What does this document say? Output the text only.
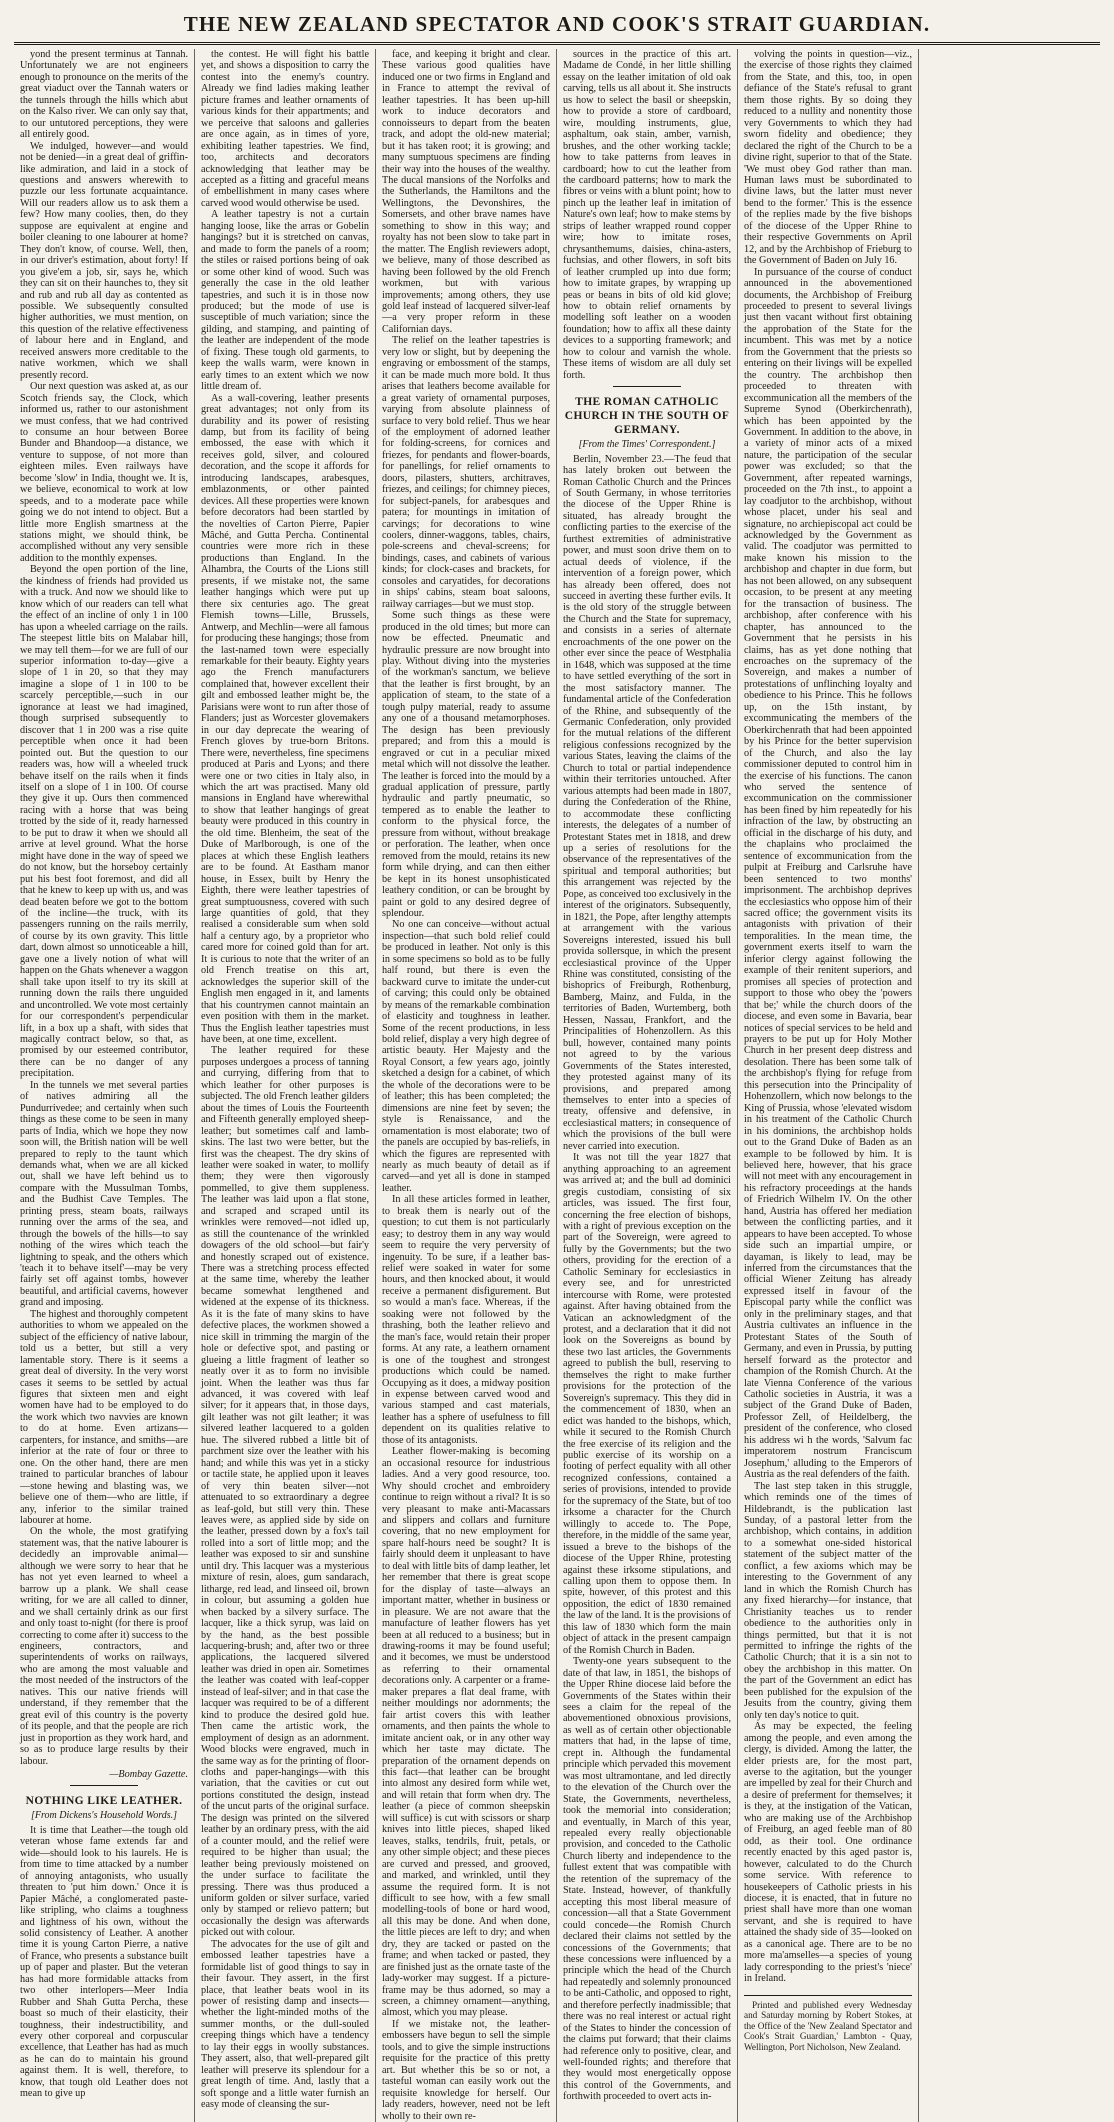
THE NEW ZEALAND SPECTATOR AND COOK'S STRAIT GUARDIAN.

yond the present terminus at Tannah. Unfortunately we are not engineers enough to pronounce on the merits of the great viaduct over the Tannah waters or the tunnels through the hills which abut on the Kalso river. We can only say that, to our untutored perceptions, they were all entirely good.

We indulged, however—and would not be denied—in a great deal of griffin-like admiration, and laid in a stock of questions and answers wherewith to puzzle our less fortunate acquaintance. Will our readers allow us to ask them a few? How many coolies, then, do they suppose are equivalent at engine and boiler cleaning to one labourer at home? They don't know, of course. Well, then, in our driver's estimation, about forty! If you give'em a job, sir, says he, which they can sit on their haunches to, they sit and rub and rub all day as contented as possible. We subsequently consulted higher authorities, we must mention, on this question of the relative effectiveness of labour here and in England, and received answers more creditable to the native workmen, which we shall presently record.

Our next question was asked at, as our Scotch friends say, the Clock, which informed us, rather to our astonishment we must confess, that we had contrived to consume an hour between Boree Bunder and Bhandoop—a distance, we venture to suppose, of not more than eighteen miles. Even railways have become 'slow' in India, thought we. It is, we believe, economical to work at low speeds, and to a moderate pace while going we do not intend to object. But a little more English smartness at the stations might, we should think, be accomplished without any very sensible addition to the monthly expenses.

Beyond the open portion of the line, the kindness of friends had provided us with a truck. And now we should like to know which of our readers can tell what the effect of an incline of only 1 in 100 has upon a wheeled carriage on the rails. The steepest little bits on Malabar hill, we may tell them—for we are full of our superior information to-day—give a slope of 1 in 20, so that they may imagine a slope of 1 in 100 to be scarcely perceptible,—such in our ignorance at least we had imagined, though surprised subsequently to discover that 1 in 200 was a rise quite perceptible when once it had been pointed out. But the question to our readers was, how will a wheeled truck behave itself on the rails when it finds itself on a slope of 1 in 100. Of course they give it up. Ours then commenced racing with a horse that was being trotted by the side of it, ready harnessed to be put to draw it when we should all arrive at level ground. What the horse might have done in the way of speed we do not know, but the horseboy certainly put his best foot foremost, and did all that he knew to keep up with us, and was dead beaten before we got to the bottom of the incline—the truck, with its passengers running on the rails merrily, of course by its own gravity. This little dart, down almost so unnoticeable a hill, gave one a lively notion of what will happen on the Ghats whenever a waggon shall take upon itself to try its skill at running down the rails there unguided and uncontrolled. We vote most certainly for our correspondent's perpendicular lift, in a box up a shaft, with sides that magically contract below, so that, as promised by our esteemed contributor, there can be no danger of any precipitation.

In the tunnels we met several parties of natives admiring all the Pundurrivedee; and certainly when such things as these come to be seen in many parts of India, which we hope they now soon will, the British nation will be well prepared to reply to the taunt which demands what, when we are all kicked out, shall we have left behind us to compare with the Mussulman Tombs, and the Budhist Cave Temples. The printing press, steam boats, railways running over the arms of the sea, and through the bowels of the hills—to say nothing of the wires which teach the lightning to speak, and the others which 'teach it to behave itself'—may be very fairly set off against tombs, however beautiful, and artificial caverns, however grand and imposing.

The highest and thoroughly competent authorities to whom we appealed on the subject of the efficiency of native labour, told us a better, but still a very lamentable story. There is it seems a great deal of diversity. In the very worst cases it seems to be settled by actual figures that sixteen men and eight women have had to be employed to do the work which two navvies are known to do at home. Even artizans—carpenters, for instance, and smiths—are inferior at the rate of four or three to one. On the other hand, there are men trained to particular branches of labour—stone hewing and blasting was, we believe one of them—who are little, if any, inferior to the similar trained labourer at home.

On the whole, the most gratifying statement was, that the native labourer is decidedly an improvable animal—although we were sorry to hear that he has not yet even learned to wheel a barrow up a plank. We shall cease writing, for we are all called to dinner, and we shall certainly drink as our first and only toast to-night (for there is proof correcting to come after it) success to the engineers, contractors, and superintendents of works on railways, who are among the most valuable and the most needed of the instructors of the natives. This our native friends will understand, if they remember that the great evil of this country is the poverty of its people, and that the people are rich just in proportion as they work hard, and so as to produce large results by their labour.

—Bombay Gazette.
NOTHING LIKE LEATHER.
[From Dickens's Household Words.]

It is time that Leather—the tough old veteran whose fame extends far and wide—should look to his laurels. He is from time to time attacked by a number of annoying antagonists, who usually threaten to 'put him down.' Once it is Papier Mâché, a conglomerated paste-like stripling, who claims a toughness and lightness of his own, without the solid consistency of Leather. A another time it is young Carton Pierre, a native of France, who presents a substance built up of paper and plaster. But the veteran has had more formidable attacks from two other interlopers—Meer India Rubber and Shah Gutta Percha, these boast so much of their elasticity, their toughness, their indestructibility, and every other corporeal and corpuscular excellence, that Leather has had as much as he can do to maintain his ground against them. It is well, therefore, to know, that tough old Leather does not mean to give up

the contest. He will fight his battle yet, and shows a disposition to carry the contest into the enemy's country. Already we find ladies making leather picture frames and leather ornaments of various kinds for their appartments; and we perceive that saloons and galleries are once again, as in times of yore, exhibiting leather tapestries. We find, too, architects and decorators acknowledging that leather may be accepted as a fitting and graceful means of embellishment in many cases where carved wood would otherwise be used.

A leather tapestry is not a curtain hanging loose, like the arras or Gobelin hangings? but it is stretched on canvas, and made to form the panels of a room; the stiles or raised portions being of oak or some other kind of wood. Such was generally the case in the old leather tapestries, and such it is in those now produced; but the mode of use is susceptible of much variation; since the gilding, and stamping, and painting of the leather are independent of the mode of fixing. These tough old garments, to keep the walls warm, were known in early times to an extent which we now little dream of.

As a wall-covering, leather presents great advantages; not only from its durability and its power of resisting damp, but from its facility of being embossed, the ease with which it receives gold, silver, and coloured decoration, and the scope it affords for introducing landscapes, arabesques, emblazonments, or other painted devices. All these properties were known before decorators had been startled by the novelties of Carton Pierre, Papier Mâché, and Gutta Percha. Continental countries were more rich in these productions than England. In the Alhambra, the Courts of the Lions still presents, if we mistake not, the same leather hangings which were put up there six centuries ago. The great Flemish towns—Lille, Brussels, Antwerp, and Mechlin—were all famous for producing these hangings; those from the last-named town were especially remarkable for their beauty. Eighty years ago the French manufacturers complained that, however excellent their gilt and embossed leather might be, the Parisians were wont to run after those of Flanders; just as Worcester glovemakers in our day deprecate the wearing of French gloves by true-born Britons. There were, nevertheless, fine specimens produced at Paris and Lyons; and there were one or two cities in Italy also, in which the art was practised. Many old mansions in England have wherewithal to show that leather hangings of great beauty were produced in this country in the old time. Blenheim, the seat of the Duke of Marlborough, is one of the places at which these English leathers are to be found. At Eastham manor house, in Essex, built by Henry the Eighth, there were leather tapestries of great sumptuousness, covered with such large quantities of gold, that they realised a considerable sum when sold half a century ago, by a proprietor who cared more for coined gold than for art. It is curious to note that the writer of an old French treatise on this art, acknowledges the superior skill of the English men engaged in it, and laments that his countrymen cannot maintain an even position with them in the market. Thus the English leather tapestries must have been, at one time, excellent.

The leather required for these purposes undergoes a process of tanning and currying, differing from that to which leather for other purposes is subjected. The old French leather gilders about the times of Louis the Fourteenth and Fifteenth generally employed sheep-leather; but sometimes calf and lamb-skins. The last two were better, but the first was the cheapest. The dry skins of leather were soaked in water, to mollify them; they were then vigorously pommelled, to give them suppleness. The leather was laid upon a flat stone, and scraped and scraped until its wrinkles were removed—not idled up, as still the countenance of the wrinkled dowagers of the old school—but fair'y and honestly scraped out of existence. There was a stretching process effected at the same time, whereby the leather became somewhat lengthened and widened at the expense of its thickness. As it is the fate of many skins to have defective places, the workmen showed a nice skill in trimming the margin of the hole or defective spot, and pasting or glueing a little fragment of leather so neatly over it as to form no invisible joint. When the leather was thus far advanced, it was covered with leaf silver; for it appears that, in those days, gilt leather was not gilt leather; it was silvered leather lacquered to a golden hue. The silvered rubbed a little bit of parchment size over the leather with his hand; and while this was yet in a sticky or tactile state, he applied upon it leaves of very thin beaten silver—not attenuated to so extraordinary a degree as leaf-gold, but still very thin. These leaves were, as applied side by side on the leather, pressed down by a fox's tail rolled into a sort of little mop; and the leather was exposed to sir and sunshine until dry. This lacquer was a mysterious mixture of resin, aloes, gum sandarach, litharge, red lead, and linseed oil, brown in colour, but assuming a golden hue when backed by a silvery surface. The lacquer, like a thick syrup, was laid on by the hand, as the best possible lacquering-brush; and, after two or three applications, the lacquered silvered leather was dried in open air. Sometimes the leather was coated with leaf-copper instead of leaf-silver; and in that case the lacquer was required to be of a different kind to produce the desired gold hue. Then came the artistic work, the employment of design as an adornment. Wood blocks were engraved, much in the same way as for the printing of floor-cloths and paper-hangings—with this variation, that the cavities or cut out portions constituted the design, instead of the uncut parts of the original surface. The design was printed on the silvered leather by an ordinary press, with the aid of a counter mould, and the relief were required to be higher than usual; the leather being previously moistened on the under surface to facilitate the pressing. There was thus produced a uniform golden or silver surface, varied only by stamped or relievo pattern; but occasionally the design was afterwards picked out with colour.

The advocates for the use of gilt and embossed leather tapestries have a formidable list of good things to say in their favour. They assert, in the first place, that leather beats wool in its power of resisting damp and insects—whether the light-minded moths of the summer months, or the dull-souled creeping things which have a tendency to lay their eggs in woolly substances. They assert, also, that well-prepared gilt leather will preserve its splendour for a great length of time. And, lastly that a soft sponge and a little water furnish an easy mode of cleansing the sur-

face, and keeping it bright and clear. These various good qualities have induced one or two firms in England and in France to attempt the revival of leather tapestries. It has been up-hill work to induce decorators and connoisseurs to depart from the beaten track, and adopt the old-new material; but it has taken root; it is growing; and many sumptuous specimens are finding their way into the houses of the wealthy. The ducal mansions of the Norfolks and the Sutherlands, the Hamiltons and the Wellingtons, the Devonshires, the Somersets, and other brave names have something to show in this way; and royalty has not been slow to take part in the matter. The English reviewers adopt, we believe, many of those described as having been followed by the old French workmen, but with various improvements; among others, they use gold leaf instead of lacquered silver-leaf—a very proper reform in these Californian days.

The relief on the leather tapestries is very low or slight, but by deepening the engraving or embossment of the stamps, it can be made much more bold. It thus arises that leathers become available for a great variety of ornamental purposes, varying from absolute plainness of surface to very bold relief. Thus we hear of the employment of adorned leather for folding-screens, for cornices and friezes, for pendants and flower-boards, for panellings, for relief ornaments to doors, pilasters, shutters, architraves, friezes, and ceilings; for chimney pieces, for subject-panels, for arabesques and patera; for mountings in imitation of carvings; for decorations to wine coolers, dinner-waggons, tables, chairs, pole-screens and cheval-screens; for bindings, cases, and cabinets of various kinds; for clock-cases and brackets, for consoles and caryatides, for decorations in ships' cabins, steam boat saloons, railway carriages—but we must stop.

Some such things as these were produced in the old times; but more can now be effected. Pneumatic and hydraulic pressure are now brought into play. Without diving into the mysteries of the workman's sanctum, we believe that the leather is first brought, by an application of steam, to the state of a tough pulpy material, ready to assume any one of a thousand metamorphoses. The design has been previously prepared; and from this a mould is engraved or cut in a peculiar mixed metal which will not dissolve the leather. The leather is forced into the mould by a gradual application of pressure, partly hydraulic and partly pneumatic, so tempered as to enable the leather to conform to the physical force, the pressure from without, without breakage or perforation. The leather, when once removed from the mould, retains its new form while drying, and can then either be kept in its honest unsophisticated leathery condition, or can be brought by paint or gold to any desired degree of splendour.

No one can conceive—without actual inspection—that such bold relief could be produced in leather. Not only is this in some specimens so bold as to be fully half round, but there is even the backward curve to imitate the under-cut of carving; this could only be obtained by means of the remarkable combination of elasticity and toughness in leather. Some of the recent productions, in less bold relief, display a very high degree of artistic beauty. Her Majesty and the Royal Consort, a few years ago, jointly sketched a design for a cabinet, of which the whole of the decorations were to be of leather; this has been completed; the dimensions are nine feet by seven; the style is Renaissance, and the ornamentation is most elaborate; two of the panels are occupied by bas-reliefs, in which the figures are represented with nearly as much beauty of detail as if carved—and yet all is done in stamped leather.

In all these articles formed in leather, to break them is nearly out of the question; to cut them is not particularly easy; to destroy them in any way would seem to require the very perversity of ingenuity. To be sure, if a leather bas-relief were soaked in water for some hours, and then knocked about, it would receive a permanent disfigurement. But so would a man's face. Whereas, if the soaking were not followed by the thrashing, both the leather relievo and the man's face, would retain their proper forms. At any rate, a leathern ornament is one of the toughest and strongest productions which could be named. Occupying as it does, a midway position in expense between carved wood and various stamped and cast materials, leather has a sphere of usefulness to fill dependent on its qualities relative to those of its antagonists.

Leather flower-making is becoming an occasional resource for industrious ladies. And a very good resource, too. Why should crochet and embroidery continue to reign without a rival? It is so very pleasant to make anti-Macassars and slippers and collars and furniture covering, that no new employment for spare half-hours need be sought? It is fairly should deem it unpleasant to have to deal with little bits of damp leather, let her remember that there is great scope for the display of taste—always an important matter, whether in business or in pleasure. We are not aware that the manufacture of leather flowers has yet been at all reduced to a business; but in drawing-rooms it may be found useful; and it becomes, we must be understood as referring to their ornamental decorations only. A carpenter or a frame-maker prepares a flat deal frame, with neither mouldings nor adornments; the fair artist covers this with leather ornaments, and then paints the whole to imitate ancient oak, or in any other way which her taste may dictate. The preparation of the ornament depends on this fact—that leather can be brought into almost any desired form while wet, and will retain that form when dry. The leather (a piece of common sheepskin will suffice) is cut with scissors or sharp knives into little pieces, shaped liked leaves, stalks, tendrils, fruit, petals, or any other simple object; and these pieces are curved and pressed, and grooved, and marked, and wrinkled, until they assume the required form. It is not difficult to see how, with a few small modelling-tools of bone or hard wood, all this may be done. And when done, the little pieces are left to dry; and when dry, they are tacked or pasted on the frame; and when tacked or pasted, they are finished just as the ornate taste of the lady-worker may suggest. If a picture-frame may be thus adorned, so may a screen, a chimney ornament—anything, almost, which you may please.

If we mistake not, the leather-embossers have begun to sell the simple tools, and to give the simple instructions requisite for the practice of this pretty art. But whether this be so or not, a tasteful woman can easily work out the requisite knowledge for herself. Our lady readers, however, need not be left wholly to their own re-

sources in the practice of this art. Madame de Condé, in her little shilling essay on the leather imitation of old oak carving, tells us all about it. She instructs us how to select the basil or sheepskin, how to provide a store of cardboard, wire, moulding instruments, glue, asphaltum, oak stain, amber, varnish, brushes, and the other working tackle; how to take patterns from leaves in cardboard; how to cut the leather from the cardboard patterns; how to mark the fibres or veins with a blunt point; how to pinch up the leather leaf in imitation of Nature's own leaf; how to make stems by strips of leather wrapped round copper wire; how to imitate roses, chrysanthemums, daisies, china-asters, fuchsias, and other flowers, in soft bits of leather crumpled up into due form; how to imitate grapes, by wrapping up peas or beans in bits of old kid glove; how to obtain relief ornaments by modelling soft leather on a wooden foundation; how to affix all these dainty devices to a supporting framework; and how to colour and varnish the whole. These items of wisdom are all duly set forth.

THE ROMAN CATHOLIC CHURCH IN THE SOUTH OF GERMANY.
[From the Times' Correspondent.]

Berlin, November 23.—The feud that has lately broken out between the Roman Catholic Church and the Princes of South Germany, in whose territories the diocese of the Upper Rhine is situated, has already brought the conflicting parties to the exercise of the furthest extremities of administrative power, and must soon drive them on to actual deeds of violence, if the intervention of a foreign power, which has already been offered, does not succeed in averting these further evils. It is the old story of the struggle between the Church and the State for supremacy, and consists in a series of alternate encroachments of the one power on the other ever since the peace of Westphalia in 1648, which was supposed at the time to have settled everything of the sort in the most satisfactory manner. The fundamental article of the Confederation of the Rhine, and subsequently of the Germanic Confederation, only provided for the mutual relations of the different religious confessions recognized by the various States, leaving the claims of the Church to total or partial independence within their territories untouched. After various attempts had been made in 1807, during the Confederation of the Rhine, to accommodate these conflicting interests, the delegates of a number of Protestant States met in 1818, and drew up a series of resolutions for the observance of the representatives of the spiritual and temporal authorities; but this arrangement was rejected by the Pope, as conceived too exclusively in the interest of the originators. Subsequently, in 1821, the Pope, after lengthy attempts at arrangement with the various Sovereigns interested, issued his bull provida sollersque, in which the present ecclesiastical province of the Upper Rhine was constituted, consisting of the bishoprics of Freiburgh, Rothenburg, Bamberg, Mainz, and Fulda, in the territories of Baden, Wurtemberg, both Hessen, Nassau, Frankfort, and the Principalities of Hohenzollern. As this bull, however, contained many points not agreed to by the various Governments of the States interested, they protested against many of its provisions, and prepared among themselves to enter into a species of treaty, offensive and defensive, in ecclesiastical matters; in consequence of which the provisions of the bull were never carried into execution.

It was not till the year 1827 that anything approaching to an agreement was arrived at; and the bull ad dominici gregis custodiam, consisting of six articles, was issued. The first four, concerning the free election of bishops, with a right of previous exception on the part of the Sovereign, were agreed to fully by the Governments; but the two others, providing for the erection of a Catholic Seminary for ecclesiastics in every see, and for unrestricted intercourse with Rome, were protested against. After having obtained from the Vatican an acknowledgment of the protest, and a declaration that it did not look on the Sovereigns as bound by these two last articles, the Governments agreed to publish the bull, reserving to themselves the right to make further provisions for the protection of the Sovereign's supremacy. This they did in the commencement of 1830, when an edict was handed to the bishops, which, while it secured to the Romish Church the free exercise of its religion and the public exercise of its worship on a footing of perfect equality with all other recognized confessions, contained a series of provisions, intended to provide for the supremacy of the State, but of too irksome a character for the Church willingly to accede to. The Pope, therefore, in the middle of the same year, issued a breve to the bishops of the diocese of the Upper Rhine, protesting against these irksome stipulations, and calling upon them to oppose them. In spite, however, of this protest and this opposition, the edict of 1830 remained the law of the land. It is the provisions of this law of 1830 which form the main object of attack in the present campaign of the Romish Church in Baden.

Twenty-one years subsequent to the date of that law, in 1851, the bishops of the Upper Rhine diocese laid before the Governments of the States within their sees a claim for the repeal of the abovementioned obnoxious provisions, as well as of certain other objectionable matters that had, in the lapse of time, crept in. Although the fundamental principle which pervaded this movement was most ultramontane, and led directly to the elevation of the Church over the State, the Governments, nevertheless, took the memorial into consideration; and eventually, in March of this year, repealed every really objectionable provision, and conceded to the Catholic Church liberty and independence to the fullest extent that was compatible with the retention of the supremacy of the State. Instead, however, of thankfully accepting this most liberal measure of concession—all that a State Government could concede—the Romish Church declared their claims not settled by the concessions of the Governments; that these concessions were influenced by a principle which the head of the Church had repeatedly and solemnly pronounced to be anti-Catholic, and opposed to right, and therefore perfectly inadmissible; that there was no real interest or actual right of the States to hinder the concession of the claims put forward; that their claims had reference only to positive, clear, and well-founded rights; and therefore that they would most energetically oppose this control of the Governments, and forthwith proceeded to overt acts in-

volving the points in question—viz., the exercise of those rights they claimed from the State, and this, too, in open defiance of the State's refusal to grant them those rights. By so doing they reduced to a nullity and nonentity those very Governments to which they had sworn fidelity and obedience; they declared the right of the Church to be a divine right, superior to that of the State. 'We must obey God rather than man. Human laws must be subordinated to divine laws, but the latter must never bend to the former.' This is the essence of the replies made by the five bishops of the diocese of the Upper Rhine to their respective Governments on April 12, and by the Archbishop of Frieburg to the Government of Baden on July 16.

In pursuance of the course of conduct announced in the abovementioned documents, the Archbishop of Freiburg proceeded to present to several livings just then vacant without first obtaining the approbation of the State for the incumbent. This was met by a notice from the Government that the priests so entering on their livings will be expelled the country. The archbishop then proceeded to threaten with excommunication all the members of the Supreme Synod (Oberkirchenrath), which has been appointed by the Government. In addition to the above, in a variety of minor acts of a mixed nature, the participation of the secular power was excluded; so that the Government, after repeated warnings, proceeded on the 7th inst., to appoint a lay coadjutor to the archbishop, without whose placet, under his seal and signature, no archiepiscopal act could be acknowledged by the Government as valid. The coadjutor was permitted to make known his mission to the archbishop and chapter in due form, but has not been allowed, on any subsequent occasion, to be present at any meeting for the transaction of business. The archbishop, after conference with his chapter, has announced to the Government that he persists in his claims, has as yet done nothing that encroaches on the supremacy of the Sovereign, and makes a number of protestations of unflinching loyalty and obedience to his Prince. This he follows up, on the 15th instant, by excommunicating the members of the Oberkirchenrath that had been appointed by his Prince for the better supervision of the Church, and also the lay commissioner deputed to control him in the exercise of his functions. The canon who served the sentence of excommunication on the commissioner has been fined by him repeatedly for his infraction of the law, by obstructing an official in the discharge of his duty, and the chaplains who proclaimed the sentence of excommunication from the pulpit at Freiburg and Carlsruhe have been sentenced to two months' imprisonment. The archbishop deprives the ecclesiastics who oppose him of their sacred office; the government visits its antagonists with privation of their temporalities. In the mean time, the government exerts itself to warn the inferior clergy against following the example of their renitent superiors, and promises all species of protection and support to those who obey the 'powers that be;' while the church doors of the diocese, and even some in Bavaria, bear notices of special services to be held and prayers to be put up for Holy Mother Church in her present deep distress and desolation. There has been some talk of the archbishop's flying for refuge from this persecution into the Principality of Hohenzollern, which now belongs to the King of Prussia, whose 'elevated wisdom in his treatment of the Catholic Church in his dominions, the archbishop holds out to the Grand Duke of Baden as an example to be followed by him. It is believed here, however, that his grace will not meet with any encouragement in his refractory proceedings at the hands of Friedrich Wilhelm IV. On the other hand, Austria has offered her mediation between the conflicting parties, and it appears to have been accepted. To whose side such an impartial umpire, or dayaman, is likely to lead, may be inferred from the circumstances that the official Wiener Zeitung has already expressed itself in favour of the Episcopal party while the conflict was only in the preliminary stages, and that Austria cultivates an influence in the Protestant States of the South of Germany, and even in Prussia, by putting herself forward as the protector and champion of the Romish Church. At the late Vienna Conference of the various Catholic societies in Austria, it was a subject of the Grand Duke of Baden, Professor Zell, of Heildelberg, the president of the conference, who closed his address wi h the words, 'Salvum fac imperatorem nostrum Franciscum Josephum,' alluding to the Emperors of Austria as the real defenders of the faith.

The last step taken in this struggle, which reminds one of the times of Hildebrandt, is the publication last Sunday, of a pastoral letter from the archbishop, which contains, in addition to a somewhat one-sided historical statement of the subject matter of the conflict, a few axioms which may be interesting to the Government of any land in which the Romish Church has any fixed hierarchy—for instance, that Christianity teaches us to render obedience to the authorities only in things permitted, but that it is not permitted to infringe the rights of the Catholic Church; that it is a sin not to obey the archbishop in this matter. On the part of the Government an edict has been published for the expulsion of the Jesuits from the country, giving them only ten day's notice to quit.

As may be expected, the feeling among the people, and even among the clergy, is divided. Among the latter, the elder priests are, for the most part, averse to the agitation, but the younger are impelled by zeal for their Church and a desire of preferment for themselves; it is they, at the instigation of the Vatican, who are making use of the Archbishop of Freiburg, an aged feeble man of 80 odd, as their tool. One ordinance recently enacted by this aged pastor is, however, calculated to do the Church some service. With reference to housekeepers of Catholic priests in his diocese, it is enacted, that in future no priest shall have more than one woman servant, and she is required to have attained the shady side of 35—looked on as a canonical age. There are to be no more ma'amselles—a species of young lady corresponding to the priest's 'niece' in Ireland.

Printed and published every Wednesday and Saturday morning by Robert Stokes, at the Office of the 'New Zealand Spectator and Cook's Strait Guardian,' Lambton - Quay, Wellington, Port Nicholson, New Zealand.
